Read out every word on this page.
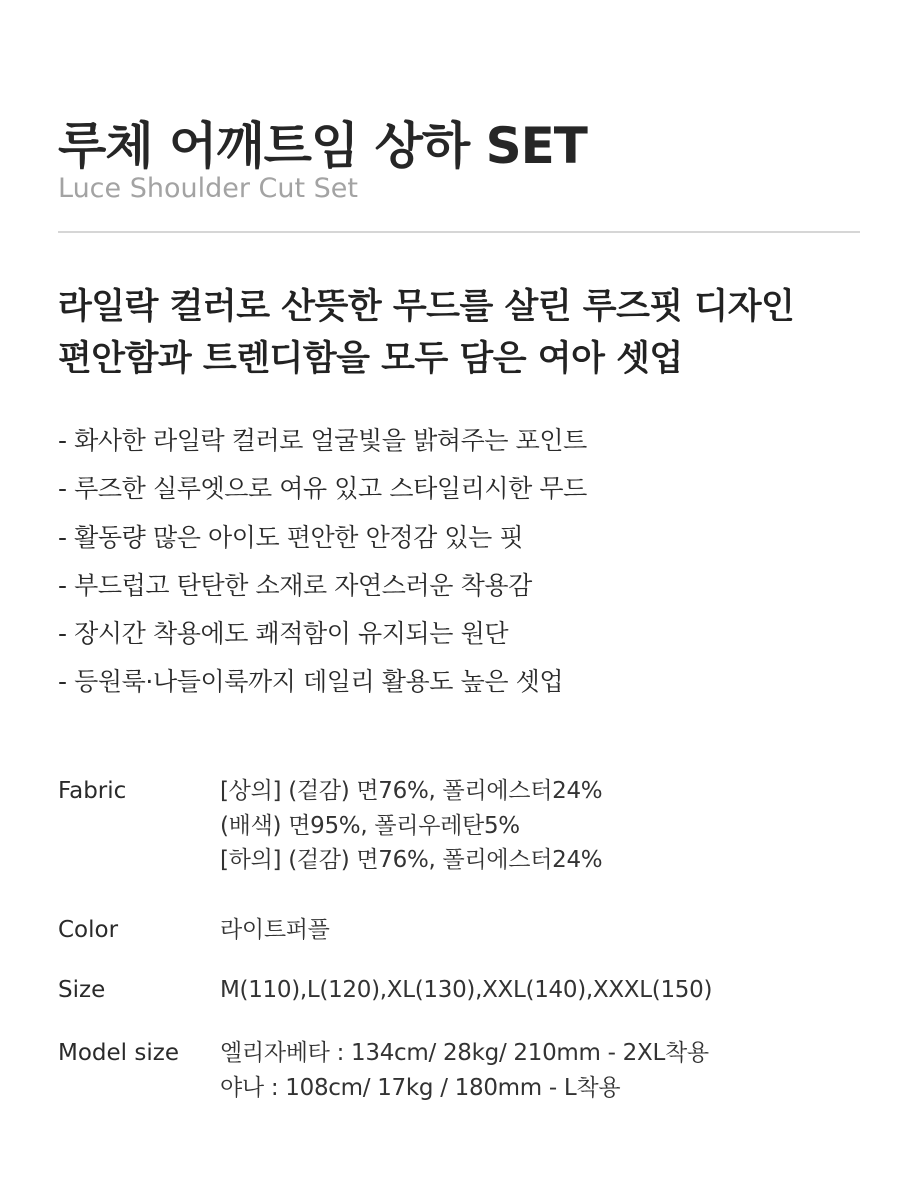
루체 어깨트임 상하 SET
Luce Shoulder Cut Set
라일락 컬러로 산뜻한 무드를 살린 루즈핏 디자인
편안함과 트렌디함을 모두 담은 여아 셋업
- 화사한 라일락 컬러로 얼굴빛을 밝혀주는 포인트
- 루즈한 실루엣으로 여유 있고 스타일리시한 무드
- 활동량 많은 아이도 편안한 안정감 있는 핏
- 부드럽고 탄탄한 소재로 자연스러운 착용감
- 장시간 착용에도 쾌적함이 유지되는 원단
- 등원룩·나들이룩까지 데일리 활용도 높은 셋업
Fabric	[상의] (겉감) 면76%, 폴리에스터24%
(배색) 면95%, 폴리우레탄5%
[하의] (겉감) 면76%, 폴리에스터24%
Color	라이트퍼플
Size	M(110),L(120),XL(130),XXL(140),XXXL(150)
Model size 엘리자베타 : 134cm/ 28kg/ 210mm - 2XL착용
야나 : 108cm/ 17kg / 180mm - L착용
